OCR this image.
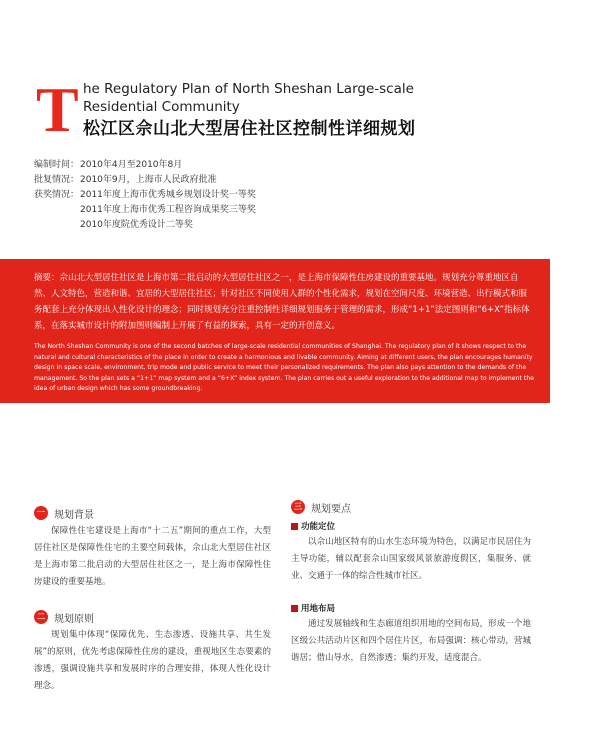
T he Regulatory Plan of North Sheshan Large-scale
Residential Community
松江区佘山北大型居住社区控制性详细规划
编制时间： 2010年4月至2010年8月
批复情况： 2010年9月，上海市人民政府批准
获奖情况： 2011年度上海市优秀城乡规划设计奖一等奖
2011年度上海市优秀工程咨询成果奖三等奖
2010年度院优秀设计二等奖
摘要：佘山北大型居住社区是上海市第二批启动的大型居住社区之一，是上海市保障性住房建设的重要基地。规划充分尊重地区自然、人文特色，营造和谐、宜居的大型居住社区；针对社区不同使用人群的个性化需求，规划在空间尺度、环境营造、出行模式和服务配套上充分体现出人性化设计的理念；同时规划充分注重控制性详细规划服务于管理的需求，形成“1+1”法定图则和“6+X”指标体系，在落实城市设计的附加图则编制上开展了有益的探索，具有一定的开创意义。
The North Sheshan Community is one of the second batches of large-scale residential communities of Shanghai. The regulatory plan of it shows respect to the natural and cultural characteristics of the place in order to create a harmonious and livable community. Aiming at different users, the plan encourages humanity design in space scale, environment, trip mode and public service to meet their personalized requirements. The plan also pays attention to the demands of the management. So the plan sets a “1+1” map system and a “6+X” index system. The plan carries out a useful exploration to the additional map to implement the idea of urban design which has some groundbreaking.
一 规划背景

保障性住宅建设是上海市“十二五”期间的重点工作，大型居住社区是保障性住宅的主要空间载体，佘山北大型居住社区是上海市第二批启动的大型居住社区之一，是上海市保障性住房建设的重要基地。

二 规划原则

规划集中体现“保障优先、生态渗透、设施共享、共生发展”的原则，优先考虑保障性住房的建设，重视地区生态要素的渗透，强调设施共享和发展时序的合理安排，体现人性化设计理念。

三 规划要点
功能定位

以佘山地区特有的山水生态环境为特色，以满足市民居住为主导功能，辅以配套佘山国家级风景旅游度假区，集服务、就业、交通于一体的综合性城市社区。

用地布局

通过发展轴线和生态廊道组织用地的空间布局，形成一个地区级公共活动片区和四个居住片区，布局强调：核心带动，营城谐居；借山导水，自然渗透；集约开发，适度混合。
